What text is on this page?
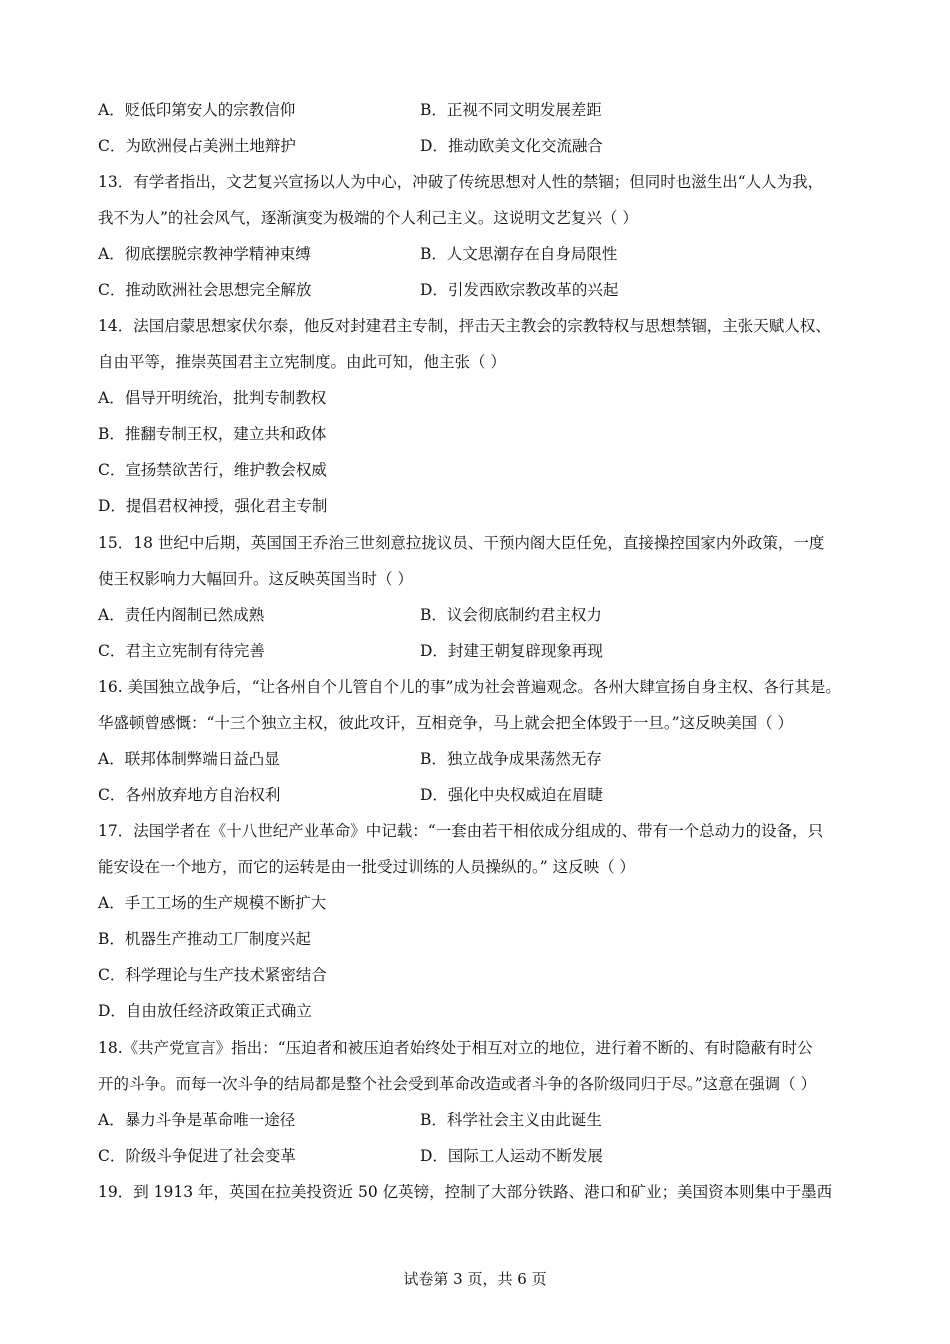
A．贬低印第安人的宗教信仰	B．正视不同文明发展差距
C．为欧洲侵占美洲土地辩护	D．推动欧美文化交流融合
13．有学者指出，文艺复兴宣扬以人为中心，冲破了传统思想对人性的禁锢；但同时也滋生出“人人为我，
我不为人”的社会风气，逐渐演变为极端的个人利己主义。这说明文艺复兴（ ）
A．彻底摆脱宗教神学精神束缚	B．人文思潮存在自身局限性
C．推动欧洲社会思想完全解放	D．引发西欧宗教改革的兴起
14．法国启蒙思想家伏尔泰，他反对封建君主专制，抨击天主教会的宗教特权与思想禁锢，主张天赋人权、
自由平等，推崇英国君主立宪制度。由此可知，他主张（ ）
A．倡导开明统治，批判专制教权
B．推翻专制王权，建立共和政体
C．宣扬禁欲苦行，维护教会权威
D．提倡君权神授，强化君主专制
15．18 世纪中后期，英国国王乔治三世刻意拉拢议员、干预内阁大臣任免，直接操控国家内外政策，一度
使王权影响力大幅回升。这反映英国当时（ ）
A．责任内阁制已然成熟	B．议会彻底制约君主权力
C．君主立宪制有待完善	D．封建王朝复辟现象再现
16. 美国独立战争后，“让各州自个儿管自个儿的事”成为社会普遍观念。各州大肆宣扬自身主权、各行其是。
华盛顿曾感慨：“十三个独立主权，彼此攻讦，互相竞争，马上就会把全体毁于一旦。”这反映美国（ ）
A．联邦体制弊端日益凸显	B．独立战争成果荡然无存
C．各州放弃地方自治权利	D．强化中央权威迫在眉睫
17．法国学者在《十八世纪产业革命》中记载：“一套由若干相依成分组成的、带有一个总动力的设备，只
能安设在一个地方，而它的运转是由一批受过训练的人员操纵的。” 这反映（ ）
A．手工工场的生产规模不断扩大
B．机器生产推动工厂制度兴起
C．科学理论与生产技术紧密结合
D．自由放任经济政策正式确立
18.《共产党宣言》指出：“压迫者和被压迫者始终处于相互对立的地位，进行着不断的、有时隐蔽有时公
开的斗争。而每一次斗争的结局都是整个社会受到革命改造或者斗争的各阶级同归于尽。”这意在强调（ ）
A．暴力斗争是革命唯一途径	B．科学社会主义由此诞生
C．阶级斗争促进了社会变革	D．国际工人运动不断发展
19．到 1913 年，英国在拉美投资近 50 亿英镑，控制了大部分铁路、港口和矿业；美国资本则集中于墨西
试卷第 3 页，共 6 页
